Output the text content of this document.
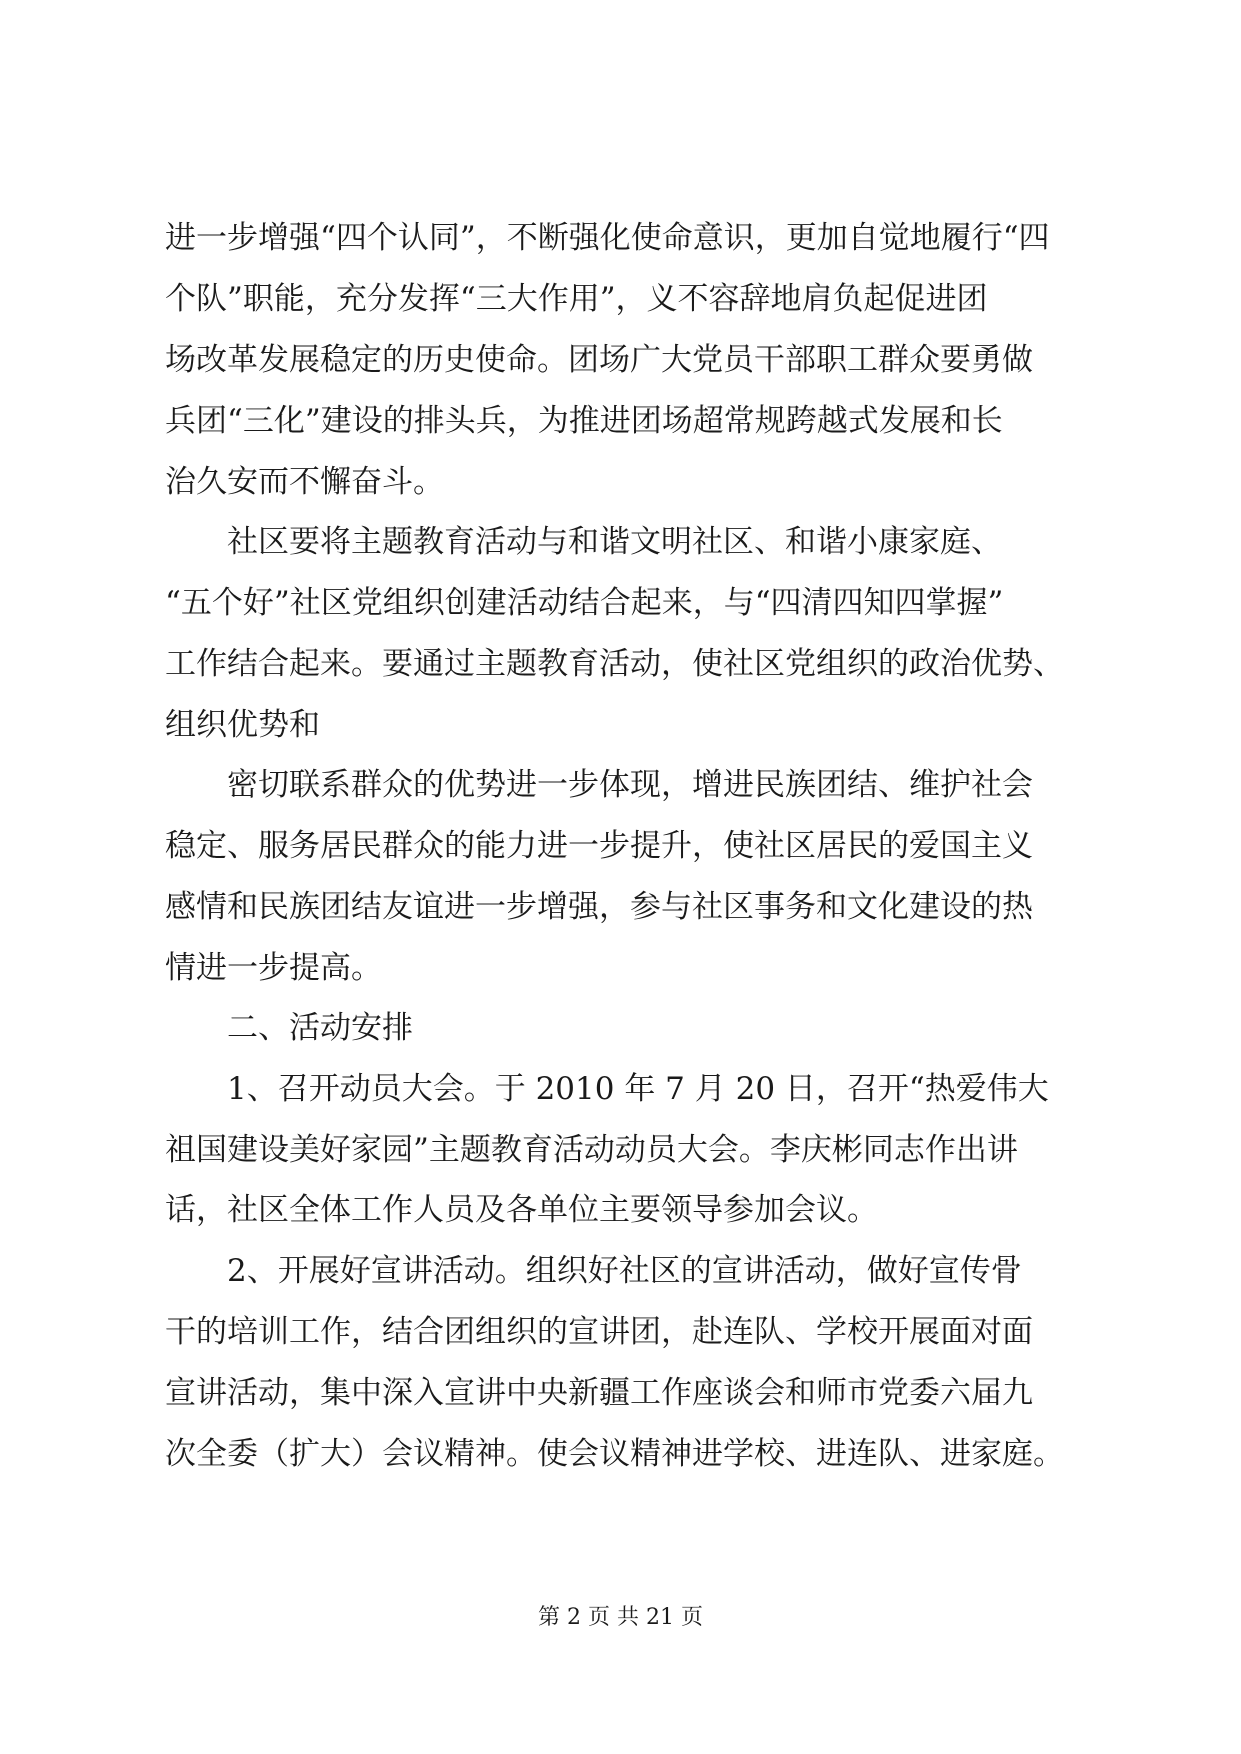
进一步增强“四个认同”，不断强化使命意识，更加自觉地履行“四
个队”职能，充分发挥“三大作用”，义不容辞地肩负起促进团
场改革发展稳定的历史使命。团场广大党员干部职工群众要勇做
兵团“三化”建设的排头兵，为推进团场超常规跨越式发展和长
治久安而不懈奋斗。
社区要将主题教育活动与和谐文明社区、和谐小康家庭、
“五个好”社区党组织创建活动结合起来，与“四清四知四掌握”
工作结合起来。要通过主题教育活动，使社区党组织的政治优势、
组织优势和
密切联系群众的优势进一步体现，增进民族团结、维护社会
稳定、服务居民群众的能力进一步提升，使社区居民的爱国主义
感情和民族团结友谊进一步增强，参与社区事务和文化建设的热
情进一步提高。
二、活动安排
1、召开动员大会。于 2010 年 7 月 20 日，召开“热爱伟大
祖国建设美好家园”主题教育活动动员大会。李庆彬同志作出讲
话，社区全体工作人员及各单位主要领导参加会议。
2、开展好宣讲活动。组织好社区的宣讲活动，做好宣传骨
干的培训工作，结合团组织的宣讲团，赴连队、学校开展面对面
宣讲活动，集中深入宣讲中央新疆工作座谈会和师市党委六届九
次全委（扩大）会议精神。使会议精神进学校、进连队、进家庭。
第 2 页 共 21 页
